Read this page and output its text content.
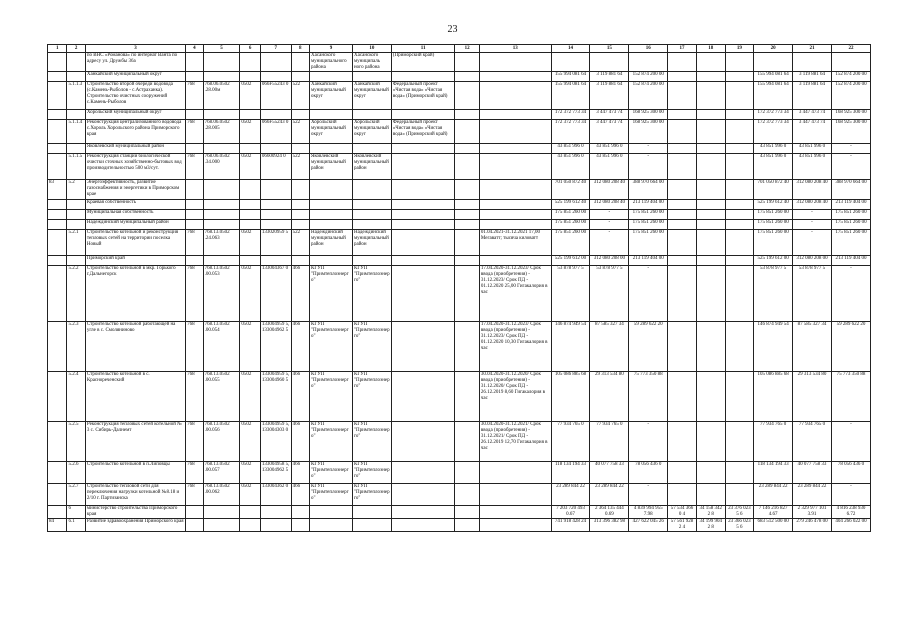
23
1	2	3	4	5	6	7	8	9	10	11	12	13	14	15	16	17	18	19	20	21	22
		по ВНС «Романова» по интернат Ванта по адресу ул. Дружбы 36а						Хасанского муниципального района	Хасанского муниципаль ного района	(Приморский край)											
		Ханкайский муниципальный округ											155 994 081 64	3 119 881 64	152 874 200 00				155 994 081 64	3 119 881 64	152 874 200 00
	5.1.1.3	Строительство второй очереди водовода (с.Камень-Рыболов - с.Астраханка). Строительство очистных сооружений с.Камень-Рыболов	768	768.06.0502 .28.00м	0502	066F55243 0	522	Ханкайский муниципальный округ	Ханкайский муниципальный округ	Федеральный проект «Чистая вода» «Чистая вода» (Приморский край)			155 994 081 64	3 119 881 64	152 874 200 00				155 994 081 64	3 119 881 64	152 874 200 00
		Хорольский муниципальный округ											172 372 773 34	3 447 473 74	168 925 300 00				172 372 773 34	3 447 473 74	168 925 300 00
	5.1.1.4	Реконструкция централизованного водовода с.Хороль Хорольского района Приморского края	768	768.06.0502 .28.005	0502	066F55243 0	522	Хорольский муниципальный округ	Хорольский муниципальный округ	Федеральный проект «Чистая вода» «Чистая вода» (Приморский край)			172 372 773 34	3 447 473 74	168 925 300 00				172 372 773 34	3 447 473 74	168 925 300 00
		Яковлевский муниципальный район											43 851 996 0	43 851 996 0	-				43 851 996 0	43 851 996 0	-
	5.1.1.5	Реконструкция станции биологической очистки сточных хозяйственно-бытовых вод производительностью 500 м3/сут.	768	768.06.0502 .34.000	0502	06600924 0	522	Яковлевский муниципальный район	Яковлевский муниципальный район				43 851 996 0	43 851 996 0	-				43 851 996 0	43 851 996 0	-
83	5.2	Энергоэффективность, развитие газоснабжения и энергетики в Приморском крае											701 050 872 40	312 080 208 40	388 970 664 00				701 050 872 40	312 080 208 40	388 970 664 00
		Краевая собственность											525 199 612 40	312 080 208 40	213 119 404 00				525 199 612 40	312 080 208 40	213 119 404 00
		Муниципальная собственность											175 851 260 00	-	175 851 260 00				175 851 260 00	-	175 851 260 00
		Надеждинский муниципальный район											175 851 260 00	-	175 851 260 00				175 851 260 00	-	175 851 260 00
	5.2.1	Строительство котельной и реконструкция тепловых сетей на территории поселка Новый	768	768.13.0502 .24.063	0502	133020959 5	522	Надеждинский муниципальный район	Надеждинский муниципальный район			01.04.2021-31.12.2021 17,00 Мегаватт; тысяча киловатт	175 851 260 00	-	175 851 260 00				175 851 260 00	-	175 851 260 00
		Приморский край											525 199 612 00	312 080 208 00	213 119 404 00				525 199 612 00	312 080 208 00	213 119 404 00
	5.2.2	Строительство котельной в мкр. Горького г.Дальнегорск	768	768.13.0502 .00.053	0502	133004367 0	466	КГУП "Примтеплоэнерго"	КГУП "Примтеплоэнерго"			17.04.2020-31.12.2023/ Срок ввода (приобретения) - 31.12.2023/ Срок ПД - 01.12.2020 25,00 Гигакалория в час	53 878 977 5	53 878 977 5	-				53 878 977 5	53 878 977 5	-
	5.2.3	Строительство котельной работающей на угле в с. Смоляниново	768	768.13.0502 .00.054	0502	133004959 5, 133004962 5	466	КГУП "Примтеплоэнерго"	КГУП "Примтеплоэнерго"			17.04.2020-31.12.2023/ Срок ввода (приобретения) - 31.12.2023/ Срок ПД - 01.12.2020 10,30 Гигакалория в час	146 874 949 54	87 585 327 34	59 289 622 20				146 874 949 54	87 585 327 34	59 289 622 20
	5.2.4	Строительство котельной в с. Краснореченский	768	768.13.0502 .00.055	0502	133004959 5, 133004960 5	466	КГУП "Примтеплоэнерго"	КГУП "Примтеплоэнерго"			30.04.2020-31.12.2020/ Срок ввода (приобретения) - 31.12.2020/ Срок ПД - 26.12.2019 8,60 Гигакалория в час	105 086 885 68	29 313 534 80	75 773 350 88				105 086 885 68	29 313 534 80	75 773 350 88
	5.2.5	Реконструкция тепловых сетей котельной № 3 с. Сибирь-Далнемт	768	768.13.0502 .00.056	0502	133004959 5, 133004303 0	466	КГУП "Примтеплоэнерго"	КГУП "Примтеплоэнерго"			30.04.2020-31.12.2021/ Срок ввода (приобретения) - 31.12.2021/ Срок ПД - 26.12.2019 12,70 Гигакалория в час	77 934 765 0	77 934 765 0	-				77 934 765 0	77 934 765 0	-
	5.2.6	Строительство котельной в п.Липовцы	768	768.13.0502 .00.057	0502	133004958 5, 133004962 5	466	КГУП "Примтеплоэнерго"	КГУП "Примтеплоэнерго"				118 134 194 33	40 077 758 33	78 056 436 0				118 134 194 33	40 077 758 33	78 056 436 0
	5.2.7	Строительство тепловой сети для переключения нагрузки котельной №8.18 и 2/10 г. Партизанска	768	768.13.0502 .00.062	0502	133004362 0	466	КГУП "Примтеплоэнерго"	КГУП "Примтеплоэнерго"				23 289 844 22	23 289 844 22	-				23 289 844 22	23 289 844 22	-
	6	министерство строительства Приморского края											7 203 720 493 0.67	2 364 135 444 0.69	4 839 994 955 7.98	57 534 366 0 4	34 158 342 2 8	23 376 023 5 6	7 146 216 827 4.67	2 329 977 101 3.91	4 816 238 930 6.72
84	6.1	Развитие здравоохранения Приморского края											741 918 428 24	313 396 382 98	427 622 045 26	57 561 928 2 4	34 199 904 2 8	23 366 023 5 6	683 512 500 00	279 246 478 00	404 266 022 00
